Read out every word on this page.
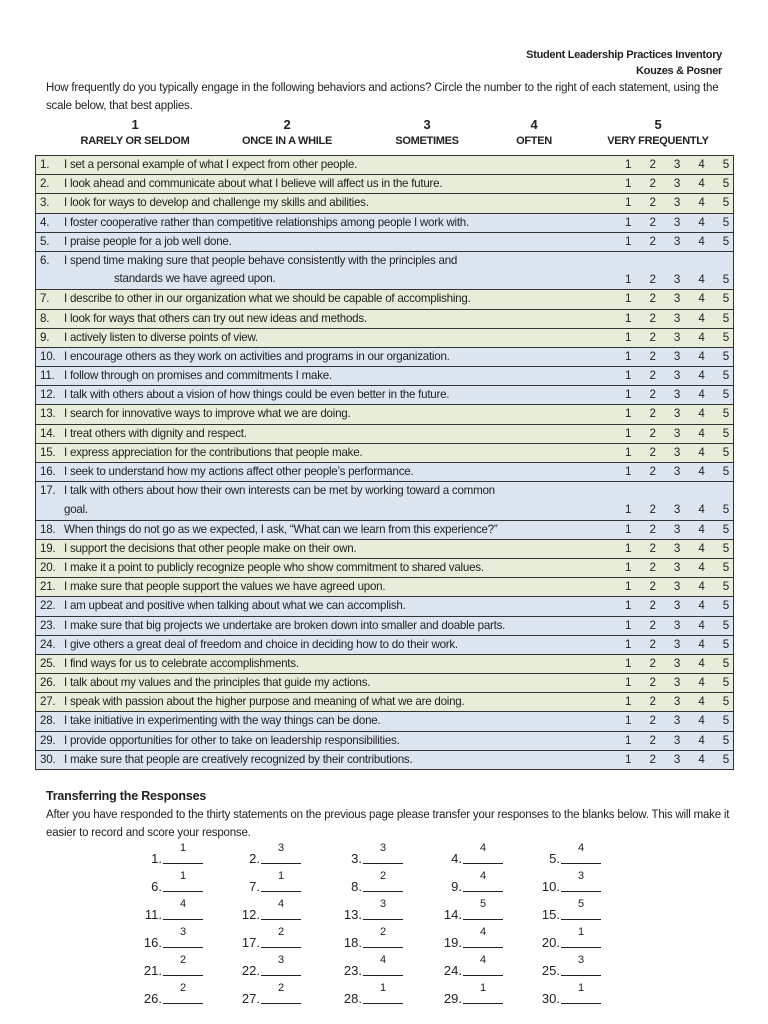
Student Leadership Practices Inventory
Kouzes & Posner
How frequently do you typically engage in the following behaviors and actions? Circle the number to the right of each statement, using the scale below, that best applies.
1
RARELY OR SELDOM
2
ONCE IN A WHILE
3
SOMETIMES
4
OFTEN
5
VERY FREQUENTLY
1. I set a personal example of what I expect from other people.	1 2 3 4 5
2. I look ahead and communicate about what I believe will affect us in the future.	1 2 3 4 5
3. I look for ways to develop and challenge my skills and abilities.	1 2 3 4 5
4. I foster cooperative rather than competitive relationships among people I work with.	1 2 3 4 5
5. I praise people for a job well done.	1 2 3 4 5
6. I spend time making sure that people behave consistently with the principles and
standards we have agreed upon.	1 2 3 4 5
7. I describe to other in our organization what we should be capable of accomplishing.	1 2 3 4 5
8. I look for ways that others can try out new ideas and methods.	1 2 3 4 5
9. I actively listen to diverse points of view.	1 2 3 4 5
10. I encourage others as they work on activities and programs in our organization.	1 2 3 4 5
11. I follow through on promises and commitments I make.	1 2 3 4 5
12. I talk with others about a vision of how things could be even better in the future.	1 2 3 4 5
13. I search for innovative ways to improve what we are doing.	1 2 3 4 5
14. I treat others with dignity and respect.	1 2 3 4 5
15. I express appreciation for the contributions that people make.	1 2 3 4 5
16. I seek to understand how my actions affect other people’s performance.	1 2 3 4 5
17. I talk with others about how their own interests can be met by working toward a common
goal.	1 2 3 4 5
18. When things do not go as we expected, I ask, “What can we learn from this experience?”	1 2 3 4 5
19. I support the decisions that other people make on their own.	1 2 3 4 5
20. I make it a point to publicly recognize people who show commitment to shared values.	1 2 3 4 5
21. I make sure that people support the values we have agreed upon.	1 2 3 4 5
22. I am upbeat and positive when talking about what we can accomplish.	1 2 3 4 5
23. I make sure that big projects we undertake are broken down into smaller and doable parts.	1 2 3 4 5
24. I give others a great deal of freedom and choice in deciding how to do their work.	1 2 3 4 5
25. I find ways for us to celebrate accomplishments.	1 2 3 4 5
26. I talk about my values and the principles that guide my actions.	1 2 3 4 5
27. I speak with passion about the higher purpose and meaning of what we are doing.	1 2 3 4 5
28. I take initiative in experimenting with the way things can be done.	1 2 3 4 5
29. I provide opportunities for other to take on leadership responsibilities.	1 2 3 4 5
30. I make sure that people are creatively recognized by their contributions.	1 2 3 4 5
Transferring the Responses
After you have responded to the thirty statements on the previous page please transfer your responses to the blanks below. This will make it easier to record and score your response.
1.
1
2.
3
3.
3
4.
4
5.
4
6.
1
7.
1
8.
2
9.
4
10.
3
11.
4
12.
4
13.
3
14.
5
15.
5
16.
3
17.
2
18.
2
19.
4
20.
1
21.
2
22.
3
23.
4
24.
4
25.
3
26.
2
27.
2
28.
1
29.
1
30.
1
